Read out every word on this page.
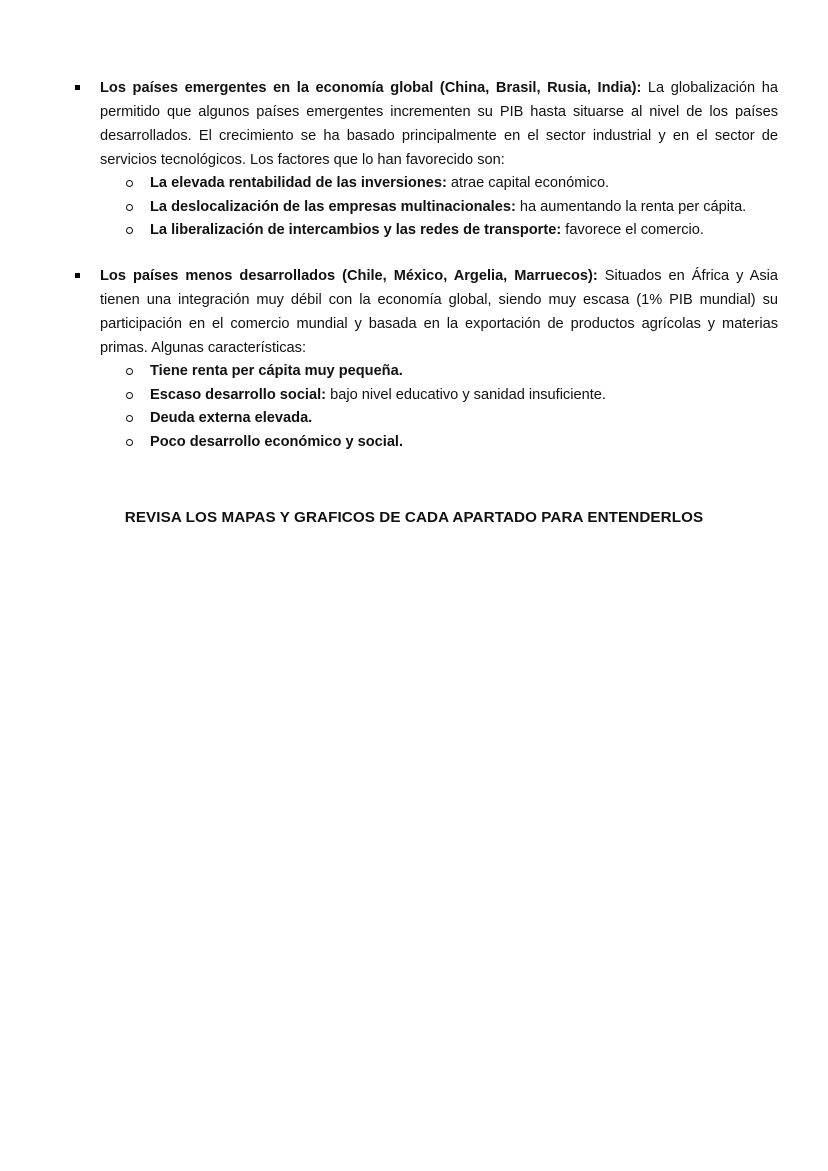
Los países emergentes en la economía global (China, Brasil, Rusia, India): La globalización ha permitido que algunos países emergentes incrementen su PIB hasta situarse al nivel de los países desarrollados. El crecimiento se ha basado principalmente en el sector industrial y en el sector de servicios tecnológicos. Los factores que lo han favorecido son:
La elevada rentabilidad de las inversiones: atrae capital económico.
La deslocalización de las empresas multinacionales: ha aumentando la renta per cápita.
La liberalización de intercambios y las redes de transporte: favorece el comercio.
Los países menos desarrollados (Chile, México, Argelia, Marruecos): Situados en África y Asia tienen una integración muy débil con la economía global, siendo muy escasa (1% PIB mundial) su participación en el comercio mundial y basada en la exportación de productos agrícolas y materias primas. Algunas características:
Tiene renta per cápita muy pequeña.
Escaso desarrollo social: bajo nivel educativo y sanidad insuficiente.
Deuda externa elevada.
Poco desarrollo económico y social.
REVISA LOS MAPAS Y GRAFICOS DE CADA APARTADO PARA ENTENDERLOS
